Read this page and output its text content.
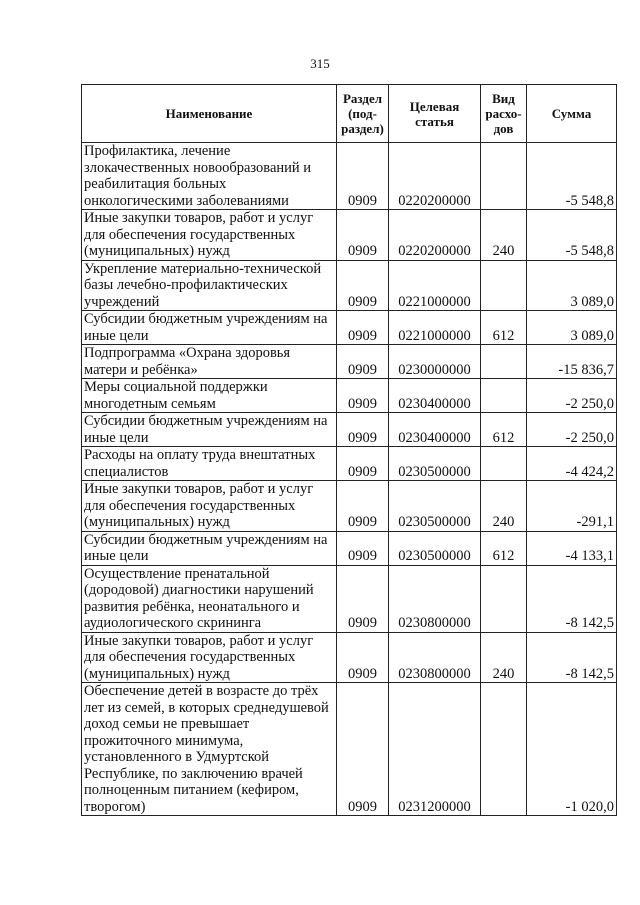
315
Наименование	Раздел (под-раздел)	Целевая статья	Вид расхо-дов	Сумма
Профилактика, лечение злокачественных новообразований и реабилитация больных онкологическими заболеваниями	0909	0220200000		-5 548,8
Иные закупки товаров, работ и услуг для обеспечения государственных (муниципальных) нужд	0909	0220200000	240	-5 548,8
Укрепление материально-технической базы лечебно-профилактических учреждений	0909	0221000000		3 089,0
Субсидии бюджетным учреждениям на иные цели	0909	0221000000	612	3 089,0
Подпрограмма «Охрана здоровья матери и ребёнка»	0909	0230000000		-15 836,7
Меры социальной поддержки многодетным семьям	0909	0230400000		-2 250,0
Субсидии бюджетным учреждениям на иные цели	0909	0230400000	612	-2 250,0
Расходы на оплату труда внештатных специалистов	0909	0230500000		-4 424,2
Иные закупки товаров, работ и услуг для обеспечения государственных (муниципальных) нужд	0909	0230500000	240	-291,1
Субсидии бюджетным учреждениям на иные цели	0909	0230500000	612	-4 133,1
Осуществление пренатальной (дородовой) диагностики нарушений развития ребёнка, неонатального и аудиологического скрининга	0909	0230800000		-8 142,5
Иные закупки товаров, работ и услуг для обеспечения государственных (муниципальных) нужд	0909	0230800000	240	-8 142,5
Обеспечение детей в возрасте до трёх лет из семей, в которых среднедушевой доход семьи не превышает прожиточного минимума, установленного в Удмуртской Республике, по заключению врачей полноценным питанием (кефиром, творогом)	0909	0231200000		-1 020,0
